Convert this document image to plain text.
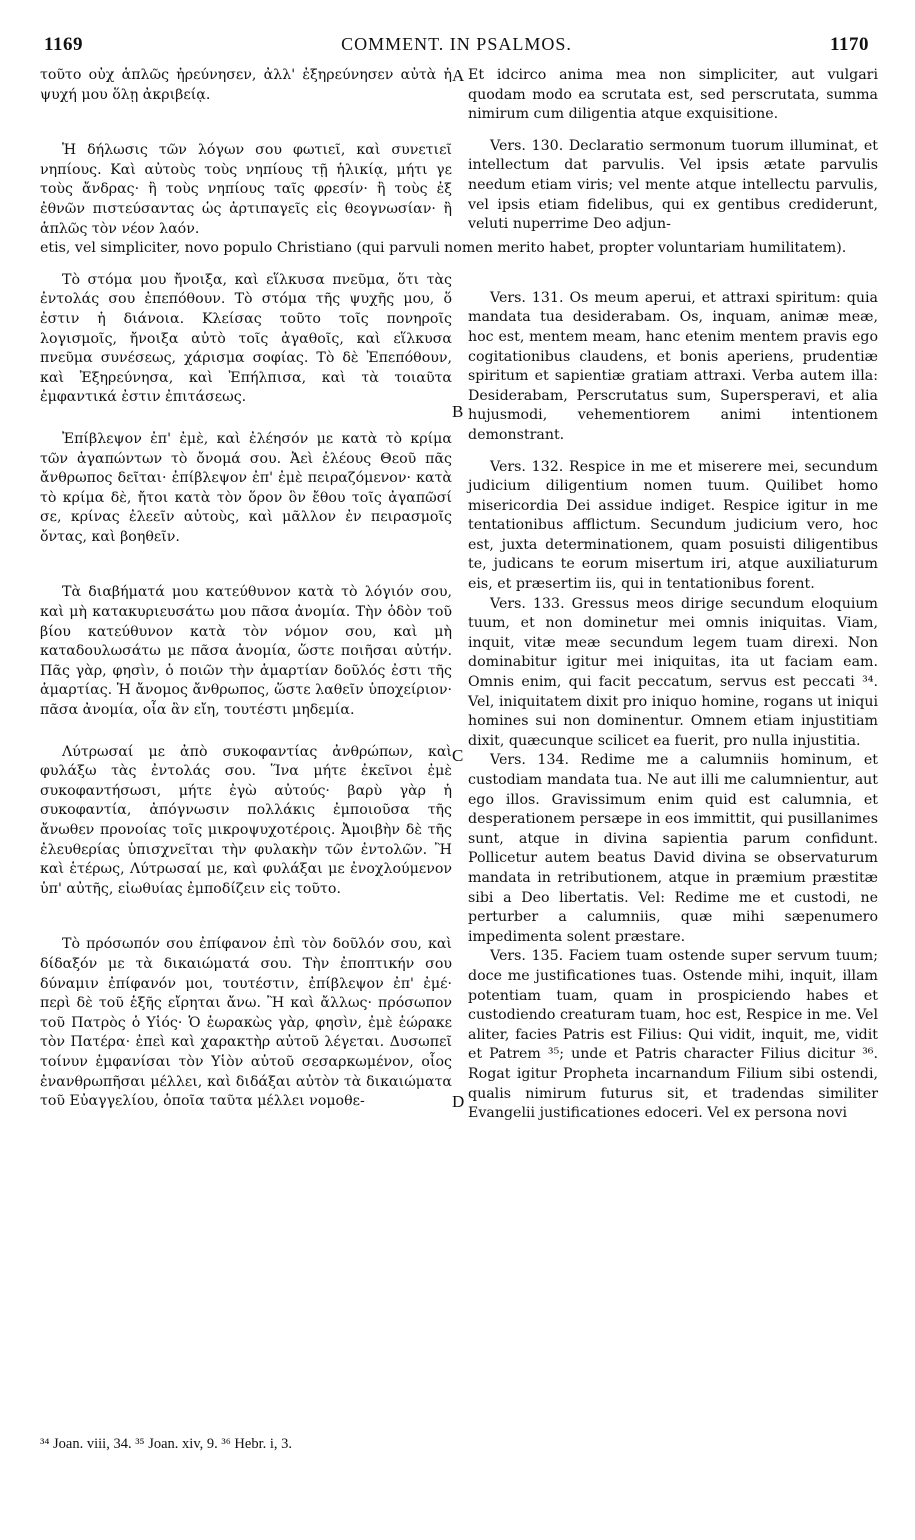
1169	COMMENT. IN PSALMOS.	1170
A
B
C
D

τοῦτο οὐχ ἁπλῶς ἠρεύνησεν, ἀλλ' ἐξηρεύνησεν αὐτὰ ἡ ψυχή μου ὅλῃ ἀκριβείᾳ.

Ἡ δήλωσις τῶν λόγων σου φωτιεῖ, καὶ συνετιεῖ νηπίους. Καὶ αὐτοὺς τοὺς νηπίους τῇ ἡλικίᾳ, μήτι γε τοὺς ἄνδρας· ἢ τοὺς νηπίους ταῖς φρεσίν· ἢ τοὺς ἐξ ἐθνῶν πιστεύσαντας ὡς ἀρτιπαγεῖς εἰς θεογνωσίαν· ἢ ἁπλῶς τὸν νέον λαόν.

etis, vel simpliciter, novo populo Christiano (qui parvuli nomen merito habet, propter voluntariam humilitatem).

Τὸ στόμα μου ἤνοιξα, καὶ εἵλκυσα πνεῦμα, ὅτι τὰς ἐντολάς σου ἐπεπόθουν. Τὸ στόμα τῆς ψυχῆς μου, ὅ ἐστιν ἡ διάνοια. Κλείσας τοῦτο τοῖς πονηροῖς λογισμοῖς, ἤνοιξα αὐτὸ τοῖς ἀγαθοῖς, καὶ εἵλκυσα πνεῦμα συνέσεως, χάρισμα σοφίας. Τὸ δὲ Ἐπεπόθουν, καὶ Ἐξηρεύνησα, καὶ Ἐπήλπισα, καὶ τὰ τοιαῦτα ἐμφαντικά ἐστιν ἐπιτάσεως.

Ἐπίβλεψον ἐπ' ἐμὲ, καὶ ἐλέησόν με κατὰ τὸ κρίμα τῶν ἀγαπώντων τὸ ὄνομά σου. Ἀεὶ ἐλέους Θεοῦ πᾶς ἄνθρωπος δεῖται· ἐπίβλεψον ἐπ' ἐμὲ πειραζόμενον· κατὰ τὸ κρίμα δὲ, ἤτοι κατὰ τὸν ὅρον ὃν ἔθου τοῖς ἀγαπῶσί σε, κρίνας ἐλεεῖν αὐτοὺς, καὶ μᾶλλον ἐν πειρασμοῖς ὄντας, καὶ βοηθεῖν.

Τὰ διαβήματά μου κατεύθυνον κατὰ τὸ λόγιόν σου, καὶ μὴ κατακυριευσάτω μου πᾶσα ἀνομία. Τὴν ὁδὸν τοῦ βίου κατεύθυνον κατὰ τὸν νόμον σου, καὶ μὴ καταδουλωσάτω με πᾶσα ἀνομία, ὥστε ποιῆσαι αὐτήν. Πᾶς γὰρ, φησὶν, ὁ ποιῶν τὴν ἁμαρτίαν δοῦλός ἐστι τῆς ἁμαρτίας. Ἡ ἄνομος ἄνθρωπος, ὥστε λαθεῖν ὑποχείριον· πᾶσα ἀνομία, οἷα ἂν εἴη, τουτέστι μηδεμία.

Λύτρωσαί με ἀπὸ συκοφαντίας ἀνθρώπων, καὶ φυλάξω τὰς ἐντολάς σου. Ἵνα μήτε ἐκεῖνοι ἐμὲ συκοφαντήσωσι, μήτε ἐγὼ αὐτούς· βαρὺ γὰρ ἡ συκοφαντία, ἀπόγνωσιν πολλάκις ἐμποιοῦσα τῆς ἄνωθεν προνοίας τοῖς μικροψυχοτέροις. Ἀμοιβὴν δὲ τῆς ἐλευθερίας ὑπισχνεῖται τὴν φυλακὴν τῶν ἐντολῶν. Ἢ καὶ ἑτέρως, Λύτρωσαί με, καὶ φυλάξαι με ἐνοχλούμενον ὑπ' αὐτῆς, εἰωθυίας ἐμποδίζειν εἰς τοῦτο.

Τὸ πρόσωπόν σου ἐπίφανον ἐπὶ τὸν δοῦλόν σου, καὶ δίδαξόν με τὰ δικαιώματά σου. Τὴν ἐποπτικήν σου δύναμιν ἐπίφανόν μοι, τουτέστιν, ἐπίβλεψον ἐπ' ἐμέ· περὶ δὲ τοῦ ἑξῆς εἴρηται ἄνω. Ἢ καὶ ἄλλως· πρόσωπον τοῦ Πατρὸς ὁ Υἱός· Ὁ ἑωρακὼς γὰρ, φησὶν, ἐμὲ ἑώρακε τὸν Πατέρα· ἐπεὶ καὶ χαρακτὴρ αὐτοῦ λέγεται. Δυσωπεῖ τοίνυν ἐμφανίσαι τὸν Υἱὸν αὐτοῦ σεσαρκωμένον, οἷος ἐνανθρωπῆσαι μέλλει, καὶ διδάξαι αὐτὸν τὰ δικαιώματα τοῦ Εὐαγγελίου, ὁποῖα ταῦτα μέλλει νομοθε-

Et idcirco anima mea non simpliciter, aut vulgari quodam modo ea scrutata est, sed perscrutata, summa nimirum cum diligentia atque exquisitione.

Vers. 130. Declaratio sermonum tuorum illuminat, et intellectum dat parvulis. Vel ipsis ætate parvulis needum etiam viris; vel mente atque intellectu parvulis, vel ipsis etiam fidelibus, qui ex gentibus crediderunt, veluti nuperrime Deo adjun-

Vers. 131. Os meum aperui, et attraxi spiritum: quia mandata tua desiderabam. Os, inquam, animæ meæ, hoc est, mentem meam, hanc etenim mentem pravis ego cogitationibus claudens, et bonis aperiens, prudentiæ spiritum et sapientiæ gratiam attraxi. Verba autem illa: Desiderabam, Perscrutatus sum, Supersperavi, et alia hujusmodi, vehementiorem animi intentionem demonstrant.

Vers. 132. Respice in me et miserere mei, secundum judicium diligentium nomen tuum. Quilibet homo misericordia Dei assidue indiget. Respice igitur in me tentationibus afflictum. Secundum judicium vero, hoc est, juxta determinationem, quam posuisti diligentibus te, judicans te eorum misertum iri, atque auxiliaturum eis, et præsertim iis, qui in tentationibus forent.

Vers. 133. Gressus meos dirige secundum eloquium tuum, et non dominetur mei omnis iniquitas. Viam, inquit, vitæ meæ secundum legem tuam direxi. Non dominabitur igitur mei iniquitas, ita ut faciam eam. Omnis enim, qui facit peccatum, servus est peccati ³⁴. Vel, iniquitatem dixit pro iniquo homine, rogans ut iniqui homines sui non dominentur. Omnem etiam injustitiam dixit, quæcunque scilicet ea fuerit, pro nulla injustitia.

Vers. 134. Redime me a calumniis hominum, et custodiam mandata tua. Ne aut illi me calumnientur, aut ego illos. Gravissimum enim quid est calumnia, et desperationem persæpe in eos immittit, qui pusillanimes sunt, atque in divina sapientia parum confidunt. Pollicetur autem beatus David divina se observaturum mandata in retributionem, atque in præmium præstitæ sibi a Deo libertatis. Vel: Redime me et custodi, ne perturber a calumniis, quæ mihi sæpenumero impedimenta solent præstare.

Vers. 135. Faciem tuam ostende super servum tuum; doce me justificationes tuas. Ostende mihi, inquit, illam potentiam tuam, quam in prospiciendo habes et custodiendo creaturam tuam, hoc est, Respice in me. Vel aliter, facies Patris est Filius: Qui vidit, inquit, me, vidit et Patrem ³⁵; unde et Patris character Filius dicitur ³⁶. Rogat igitur Propheta incarnandum Filium sibi ostendi, qualis nimirum futurus sit, et tradendas similiter Evangelii justificationes edoceri. Vel ex persona novi

³⁴ Joan. viii, 34. ³⁵ Joan. xiv, 9. ³⁶ Hebr. i, 3.
